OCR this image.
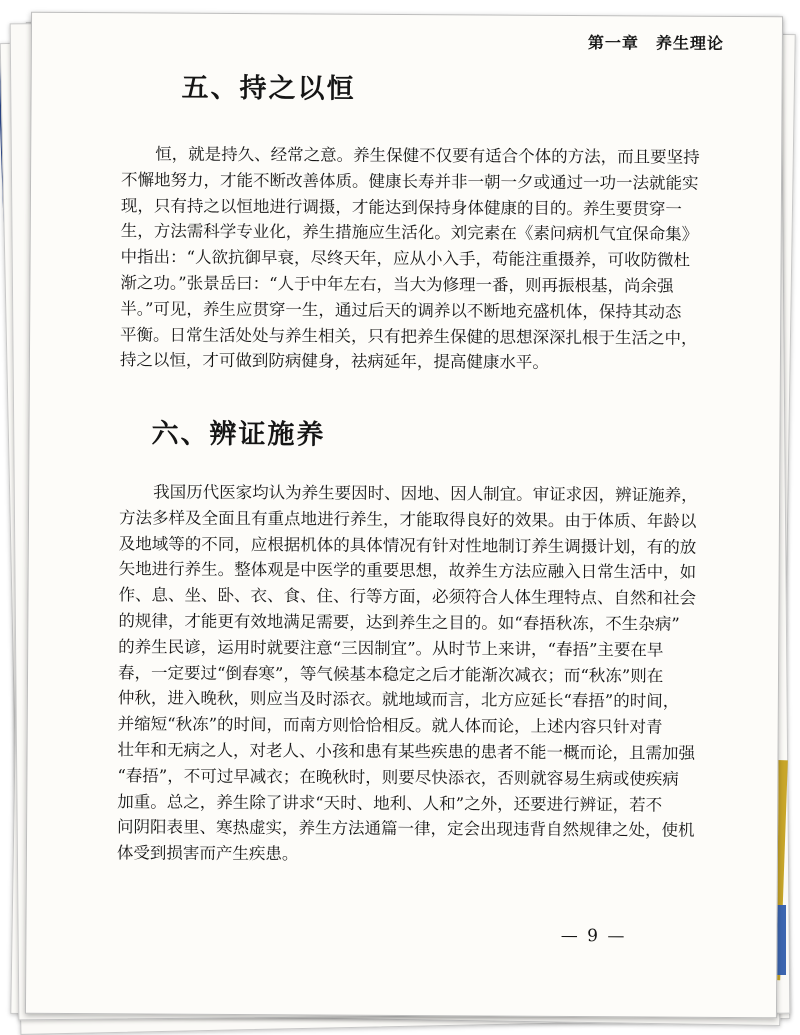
第一章　养生理论
五、持之以恒
恒，就是持久、经常之意。养生保健不仅要有适合个体的方法，而且要坚持
不懈地努力，才能不断改善体质。健康长寿并非一朝一夕或通过一功一法就能实
现，只有持之以恒地进行调摄，才能达到保持身体健康的目的。养生要贯穿一
生，方法需科学专业化，养生措施应生活化。刘完素在《素问病机气宜保命集》
中指出：“人欲抗御早衰，尽终天年，应从小入手，苟能注重摄养，可收防微杜
渐之功。”张景岳曰：“人于中年左右，当大为修理一番，则再振根基，尚余强
半。”可见，养生应贯穿一生，通过后天的调养以不断地充盛机体，保持其动态
平衡。日常生活处处与养生相关，只有把养生保健的思想深深扎根于生活之中，
持之以恒，才可做到防病健身，祛病延年，提高健康水平。
六、辨证施养
我国历代医家均认为养生要因时、因地、因人制宜。审证求因，辨证施养，
方法多样及全面且有重点地进行养生，才能取得良好的效果。由于体质、年龄以
及地域等的不同，应根据机体的具体情况有针对性地制订养生调摄计划，有的放
矢地进行养生。整体观是中医学的重要思想，故养生方法应融入日常生活中，如
作、息、坐、卧、衣、食、住、行等方面，必须符合人体生理特点、自然和社会
的规律，才能更有效地满足需要，达到养生之目的。如“春捂秋冻，不生杂病”
的养生民谚，运用时就要注意“三因制宜”。从时节上来讲，“春捂”主要在早
春，一定要过“倒春寒”，等气候基本稳定之后才能渐次减衣；而“秋冻”则在
仲秋，进入晚秋，则应当及时添衣。就地域而言，北方应延长“春捂”的时间，
并缩短“秋冻”的时间，而南方则恰恰相反。就人体而论，上述内容只针对青
壮年和无病之人，对老人、小孩和患有某些疾患的患者不能一概而论，且需加强
“春捂”，不可过早减衣；在晚秋时，则要尽快添衣，否则就容易生病或使疾病
加重。总之，养生除了讲求“天时、地利、人和”之外，还要进行辨证，若不
问阴阳表里、寒热虚实，养生方法通篇一律，定会出现违背自然规律之处，使机
体受到损害而产生疾患。
— 9 —
